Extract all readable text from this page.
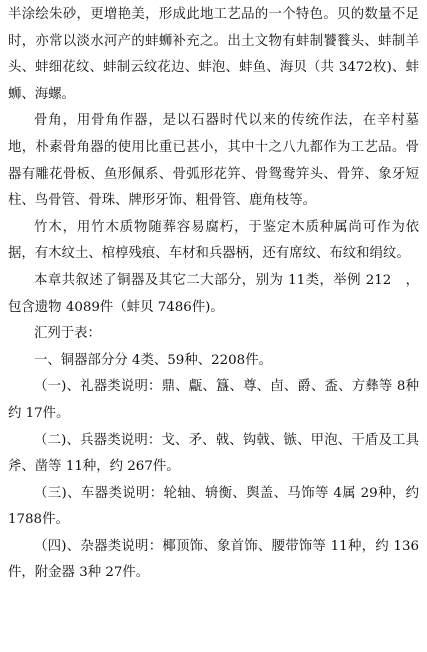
半涂绘朱砂，更增艳美，形成此地工艺品的一个特色。贝的数量不足时，亦常以淡水河产的蚌蛳补充之。出土文物有蚌制饕餮头、蚌制羊头、蚌细花纹、蚌制云纹花边、蚌泡、蚌鱼、海贝（共 3472枚)、蚌蛳、海螺。

骨角，用骨角作器，是以石器时代以来的传统作法，在辛村墓地，朴素骨角器的使用比重已甚小，其中十之八九都作为工艺品。骨器有雕花骨板、鱼形佩系、骨弧形花笄、骨鸳鸯笄头、骨笄、象牙短柱、鸟骨管、骨珠、牌形牙饰、粗骨管、鹿角枝等。

竹木，用竹木质物随葬容易腐朽，于鉴定木质种属尚可作为依据，有木纹土、棺椁残痕、车材和兵器柄，还有席纹、布纹和绢纹。

本章共叙述了铜器及其它二大部分，别为 11类，举例 212　，包含遗物 4089件（蚌贝 7486件)。

汇列于表：

一、铜器部分分 4类、59种、2208件。

（一)、礼器类说明：鼎、甗、簋、尊、卣、爵、盉、方彝等 8种约 17件。

（二)、兵器类说明：戈、矛、戟、钩戟、镞、甲泡、干盾及工具斧、凿等 11种，约 267件。

（三)、车器类说明：轮轴、辀衡、舆盖、马饰等 4属 29种，约 1788件。

（四)、杂器类说明：椰顶饰、象首饰、腰带饰等 11种，约 136件，附金器 3种 27件。
